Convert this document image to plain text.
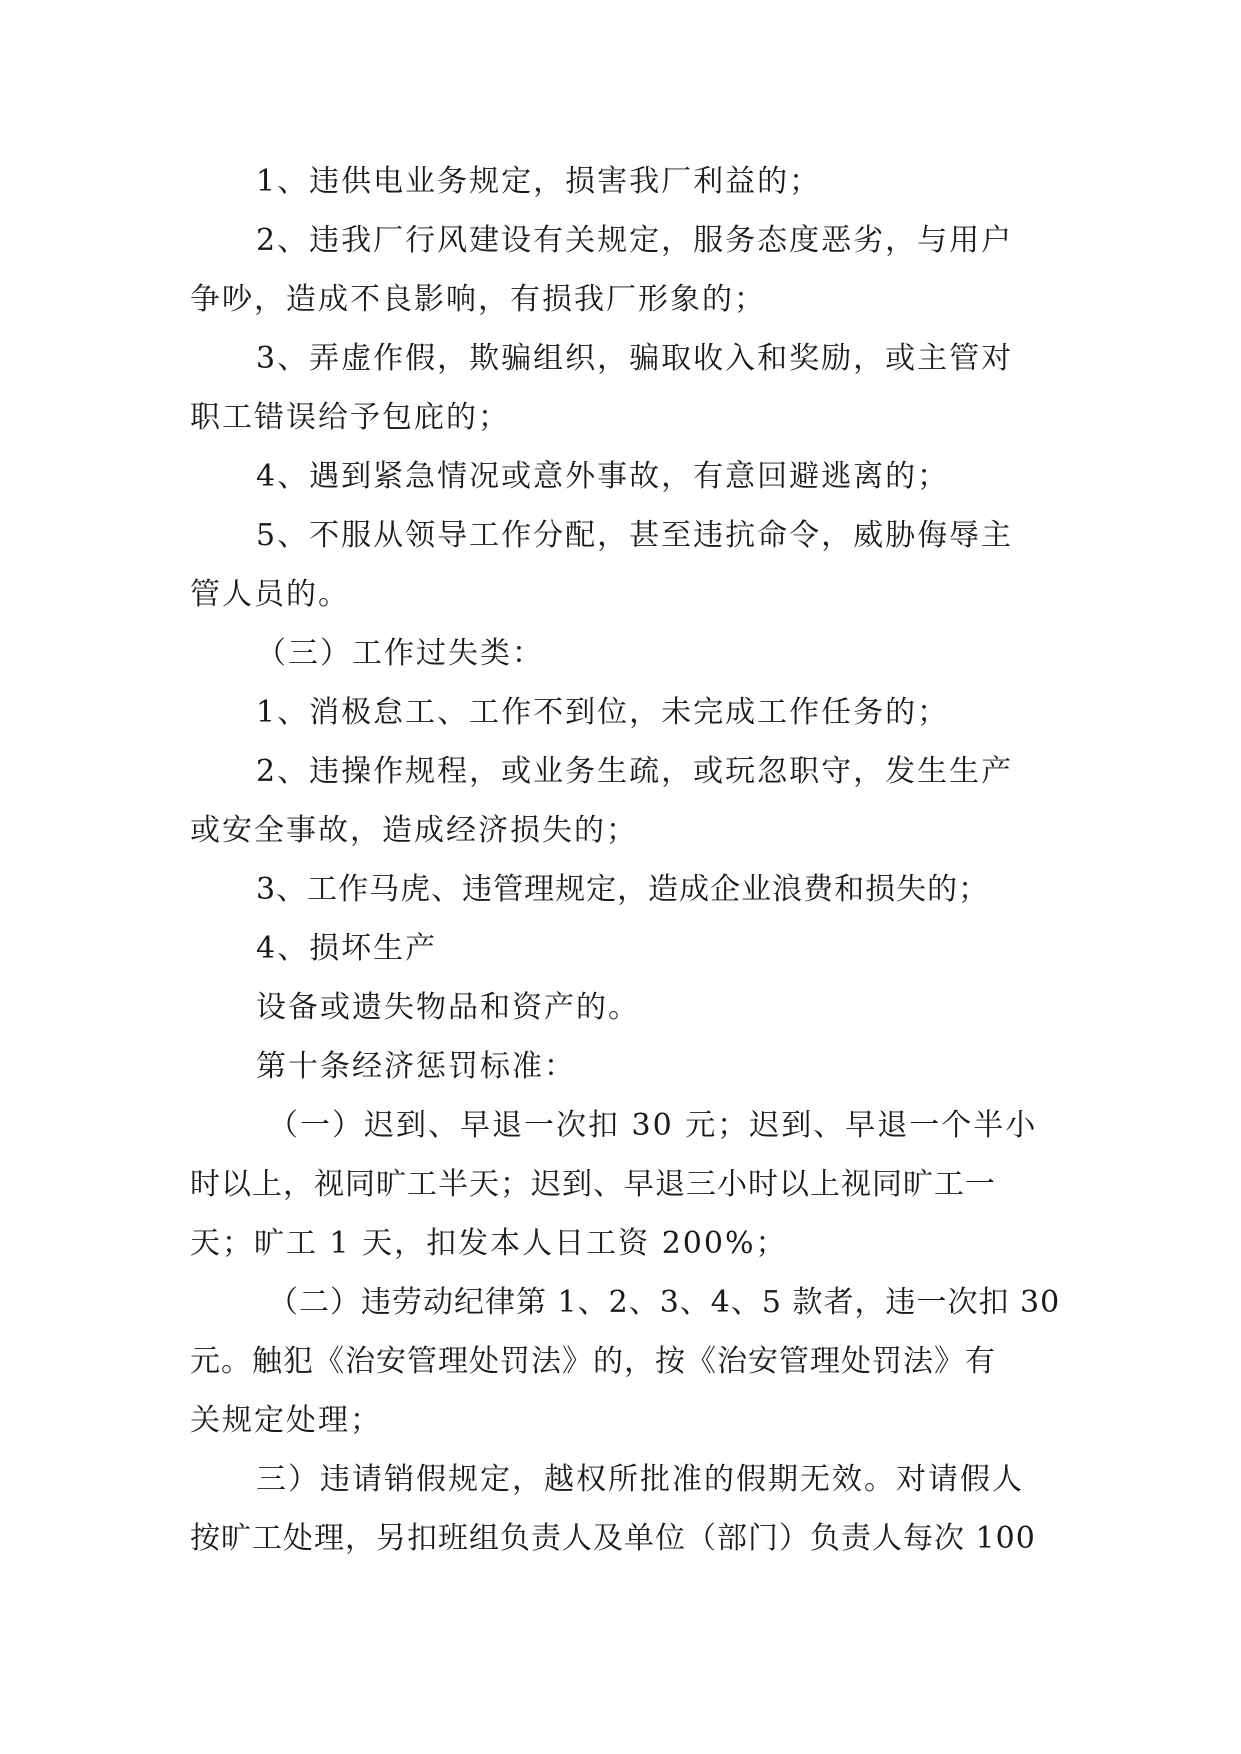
1、违供电业务规定，损害我厂利益的；
2、违我厂行风建设有关规定，服务态度恶劣，与用户
争吵，造成不良影响，有损我厂形象的；
3、弄虚作假，欺骗组织，骗取收入和奖励，或主管对
职工错误给予包庇的；
4、遇到紧急情况或意外事故，有意回避逃离的；
5、不服从领导工作分配，甚至违抗命令，威胁侮辱主
管人员的。
（三）工作过失类：
1、消极怠工、工作不到位，未完成工作任务的；
2、违操作规程，或业务生疏，或玩忽职守，发生生产
或安全事故，造成经济损失的；
3、工作马虎、违管理规定，造成企业浪费和损失的；
4、损坏生产
设备或遗失物品和资产的。
第十条经济惩罚标准：
（一）迟到、早退一次扣 30 元；迟到、早退一个半小
时以上，视同旷工半天；迟到、早退三小时以上视同旷工一
天；旷工 1 天，扣发本人日工资 200%；
（二）违劳动纪律第 1、2、3、4、5 款者，违一次扣 30
元。触犯《治安管理处罚法》的，按《治安管理处罚法》有
关规定处理；
三）违请销假规定，越权所批准的假期无效。对请假人
按旷工处理，另扣班组负责人及单位（部门）负责人每次 100
